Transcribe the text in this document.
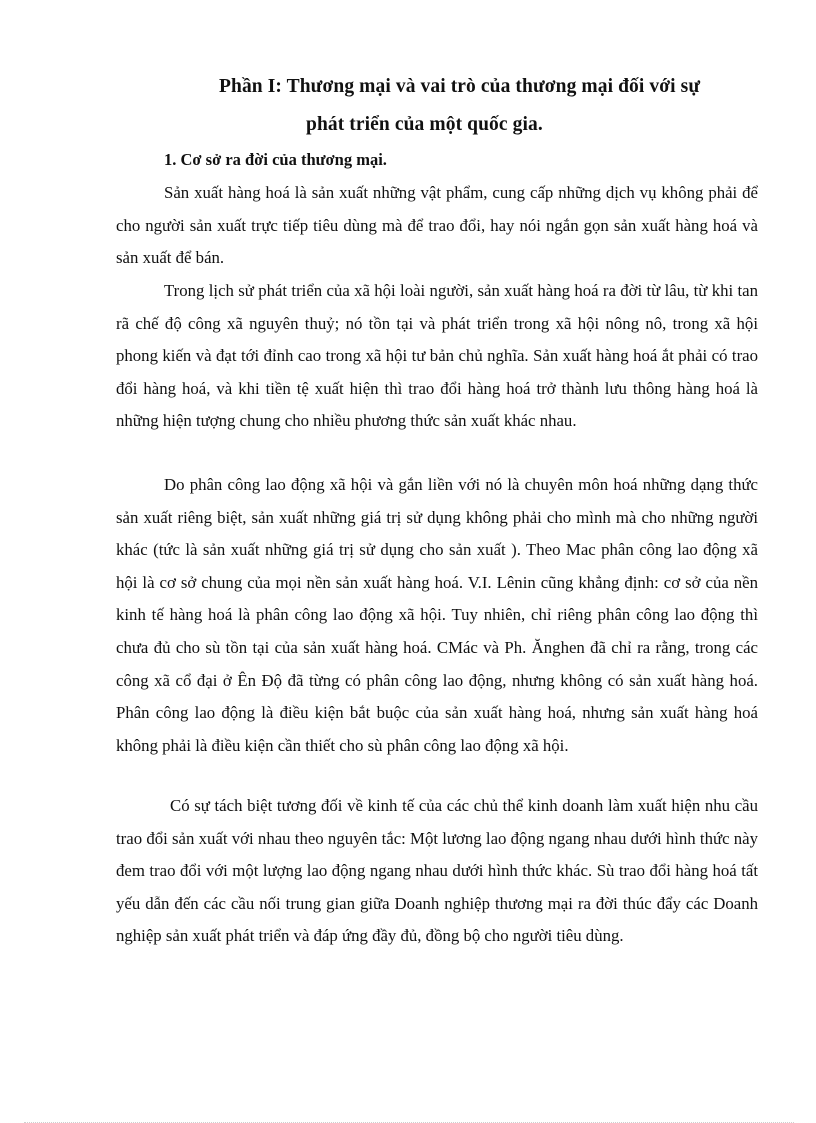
Phần I: Thương mại và vai trò của thương mại đối với sự
phát triển của một quốc gia.
1. Cơ sở ra đời của thương mại.

Sản xuất hàng hoá là sản xuất những vật phẩm, cung cấp những dịch vụ không phải để cho người sản xuất trực tiếp tiêu dùng mà để trao đổi, hay nói ngắn gọn sản xuất hàng hoá và sản xuất để bán.

Trong lịch sử phát triển của xã hội loài người, sản xuất hàng hoá ra đời từ lâu, từ khi tan rã chế độ công xã nguyên thuỷ; nó tồn tại và phát triển trong xã hội nông nô, trong xã hội phong kiến và đạt tới đỉnh cao trong xã hội tư bản chủ nghĩa. Sản xuất hàng hoá ắt phải có trao đổi hàng hoá, và khi tiền tệ xuất hiện thì trao đổi hàng hoá trở thành lưu thông hàng hoá là những hiện tượng chung cho nhiều phương thức sản xuất khác nhau.

Do phân công lao động xã hội và gắn liền với nó là chuyên môn hoá những dạng thức sản xuất riêng biệt, sản xuất những giá trị sử dụng không phải cho mình mà cho những người khác (tức là sản xuất những giá trị sử dụng cho sản xuất ). Theo Mac phân công lao động xã hội là cơ sở chung của mọi nền sản xuất hàng hoá. V.I. Lênin cũng khẳng định: cơ sở của nền kinh tế hàng hoá là phân công lao động xã hội. Tuy nhiên, chỉ riêng phân công lao động thì chưa đủ cho sù tồn tại của sản xuất hàng hoá. CMác và Ph. Ănghen đã chỉ ra rằng, trong các công xã cổ đại ở Ên Độ đã từng có phân công lao động, nhưng không có sản xuất hàng hoá. Phân công lao động là điều kiện bắt buộc của sản xuất hàng hoá, nhưng sản xuất hàng hoá không phải là điều kiện cần thiết cho sù phân công lao động xã hội.

Có sự tách biệt tương đối về kinh tế của các chủ thể kinh doanh làm xuất hiện nhu cầu trao đổi sản xuất với nhau theo nguyên tắc: Một lương lao động ngang nhau dưới hình thức này đem trao đổi với một lượng lao động ngang nhau dưới hình thức khác. Sù trao đổi hàng hoá tất yếu dẫn đến các cầu nối trung gian giữa Doanh nghiệp thương mại ra đời thúc đẩy các Doanh nghiệp sản xuất phát triển và đáp ứng đầy đủ, đồng bộ cho người tiêu dùng.
